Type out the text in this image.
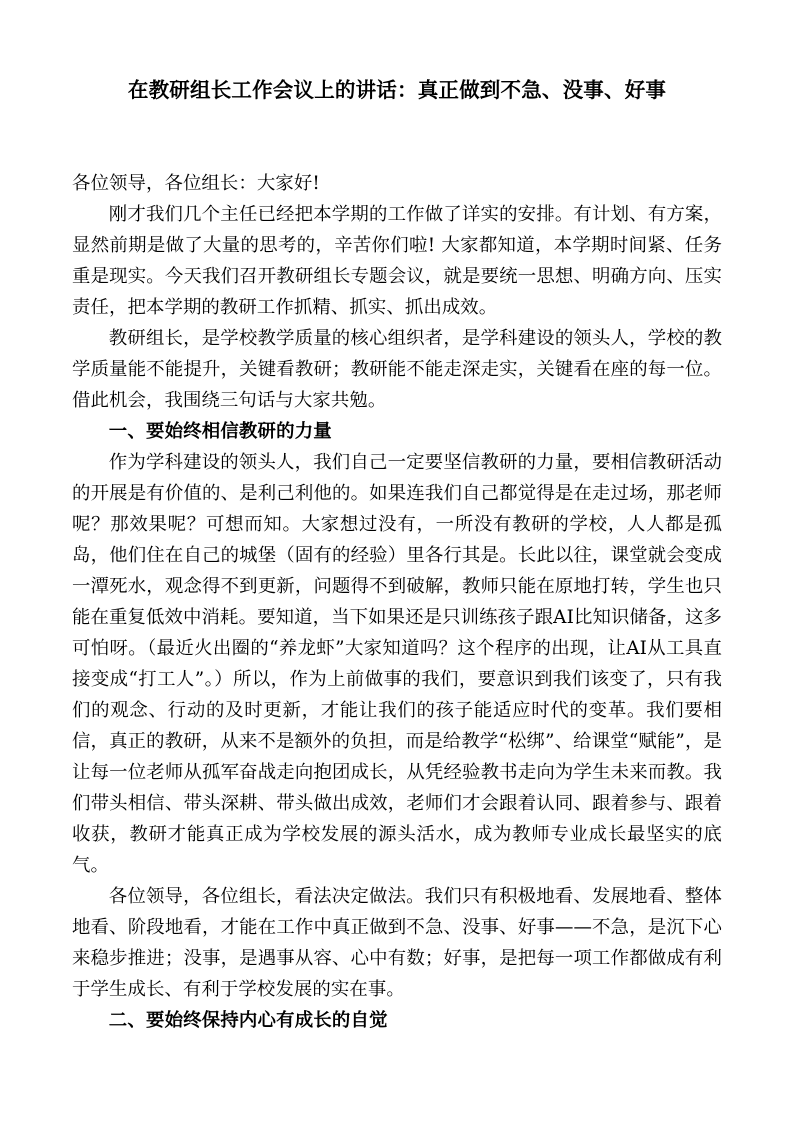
在教研组长工作会议上的讲话：真正做到不急、没事、好事

各位领导，各位组长：大家好!

刚才我们几个主任已经把本学期的工作做了详实的安排。有计划、有方案，显然前期是做了大量的思考的，辛苦你们啦! 大家都知道，本学期时间紧、任务重是现实。今天我们召开教研组长专题会议，就是要统一思想、明确方向、压实责任，把本学期的教研工作抓精、抓实、抓出成效。

教研组长，是学校教学质量的核心组织者，是学科建设的领头人，学校的教学质量能不能提升，关键看教研；教研能不能走深走实，关键看在座的每一位。借此机会，我围绕三句话与大家共勉。

一、要始终相信教研的力量

作为学科建设的领头人，我们自己一定要坚信教研的力量，要相信教研活动的开展是有价值的、是利己利他的。如果连我们自己都觉得是在走过场，那老师呢？那效果呢？可想而知。大家想过没有，一所没有教研的学校，人人都是孤岛，他们住在自己的城堡（固有的经验）里各行其是。长此以往，课堂就会变成一潭死水，观念得不到更新，问题得不到破解，教师只能在原地打转，学生也只能在重复低效中消耗。要知道，当下如果还是只训练孩子跟AI比知识储备，这多可怕呀。（最近火出圈的“养龙虾”大家知道吗？这个程序的出现，让AI从工具直接变成“打工人”。）所以，作为上前做事的我们，要意识到我们该变了，只有我们的观念、行动的及时更新，才能让我们的孩子能适应时代的变革。我们要相信，真正的教研，从来不是额外的负担，而是给教学“松绑”、给课堂“赋能”，是让每一位老师从孤军奋战走向抱团成长，从凭经验教书走向为学生未来而教。我们带头相信、带头深耕、带头做出成效，老师们才会跟着认同、跟着参与、跟着收获，教研才能真正成为学校发展的源头活水，成为教师专业成长最坚实的底气。

各位领导，各位组长，看法决定做法。我们只有积极地看、发展地看、整体地看、阶段地看，才能在工作中真正做到不急、没事、好事——不急，是沉下心来稳步推进；没事，是遇事从容、心中有数；好事，是把每一项工作都做成有利于学生成长、有利于学校发展的实在事。

二、要始终保持内心有成长的自觉
